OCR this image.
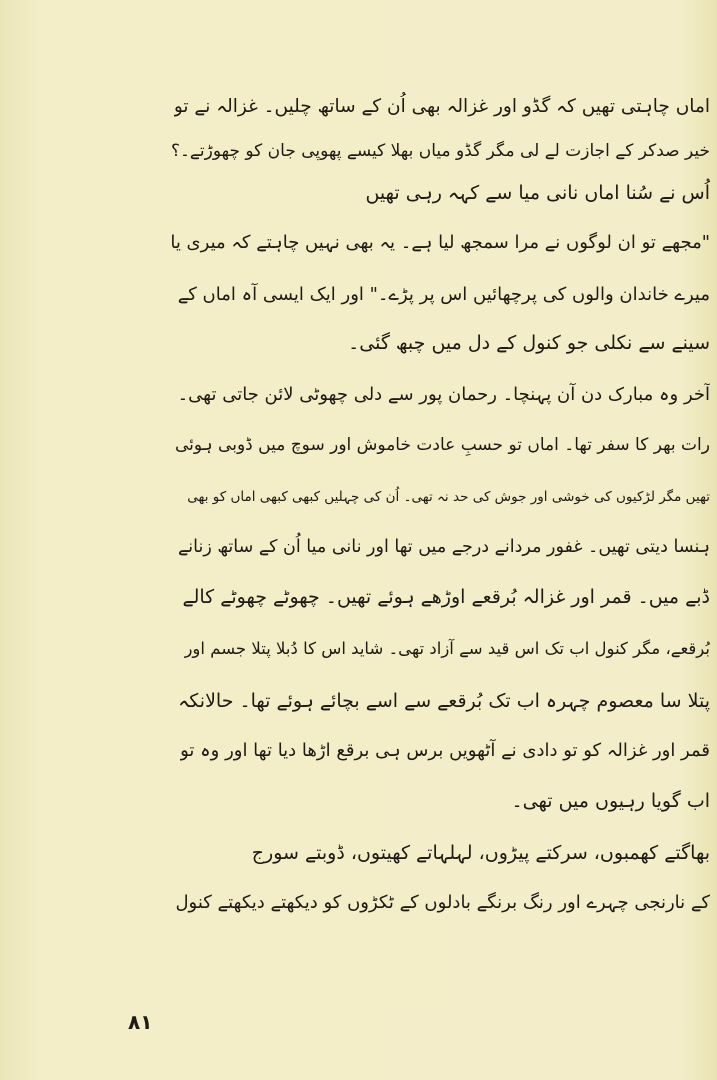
اماں چاہتی تھیں کہ گڈو اور غزالہ بھی اُن کے ساتھ چلیں۔ غزالہ نے تو
خیر صدکر کے اجازت لے لی مگر گڈو میاں بھلا کیسے پھوپی جان کو چھوڑتے۔؟
اُس نے سُنا اماں نانی میا سے کہہ رہی تھیں
"مجھے تو ان لوگوں نے مرا سمجھ لیا ہے۔ یہ بھی نہیں چاہتے کہ میری یا
میرے خاندان والوں کی پرچھائیں اس پر پڑے۔" اور ایک ایسی آہ اماں کے
سینے سے نکلی جو کنول کے دل میں چبھ گئی۔
آخر وہ مبارک دن آن پہنچا۔ رحمان پور سے دلی چھوٹی لائن جاتی تھی۔
رات بھر کا سفر تھا۔ اماں تو حسبِ عادت خاموش اور سوچ میں ڈوبی ہوئی
تھیں مگر لڑکیوں کی خوشی اور جوش کی حد نہ تھی۔ اُن کی چہلیں کبھی کبھی اماں کو بھی
ہنسا دیتی تھیں۔ غفور مردانے درجے میں تھا اور نانی میا اُن کے ساتھ زنانے
ڈبے میں۔ قمر اور غزالہ بُرقعے اوڑھے ہوئے تھیں۔ چھوٹے چھوٹے کالے
بُرقعے، مگر کنول اب تک اس قید سے آزاد تھی۔ شاید اس کا دُبلا پتلا جسم اور
پتلا سا معصوم چہرہ اب تک بُرقعے سے اسے بچائے ہوئے تھا۔ حالانکہ
قمر اور غزالہ کو تو دادی نے آٹھویں برس ہی برقع اڑھا دیا تھا اور وہ تو
اب گویا رہیوں میں تھی۔
بھاگتے کھمبوں، سرکتے پیڑوں، لہلہاتے کھیتوں، ڈوبتے سورج
کے نارنجی چہرے اور رنگ برنگے بادلوں کے ٹکڑوں کو دیکھتے دیکھتے کنول
۸۱
